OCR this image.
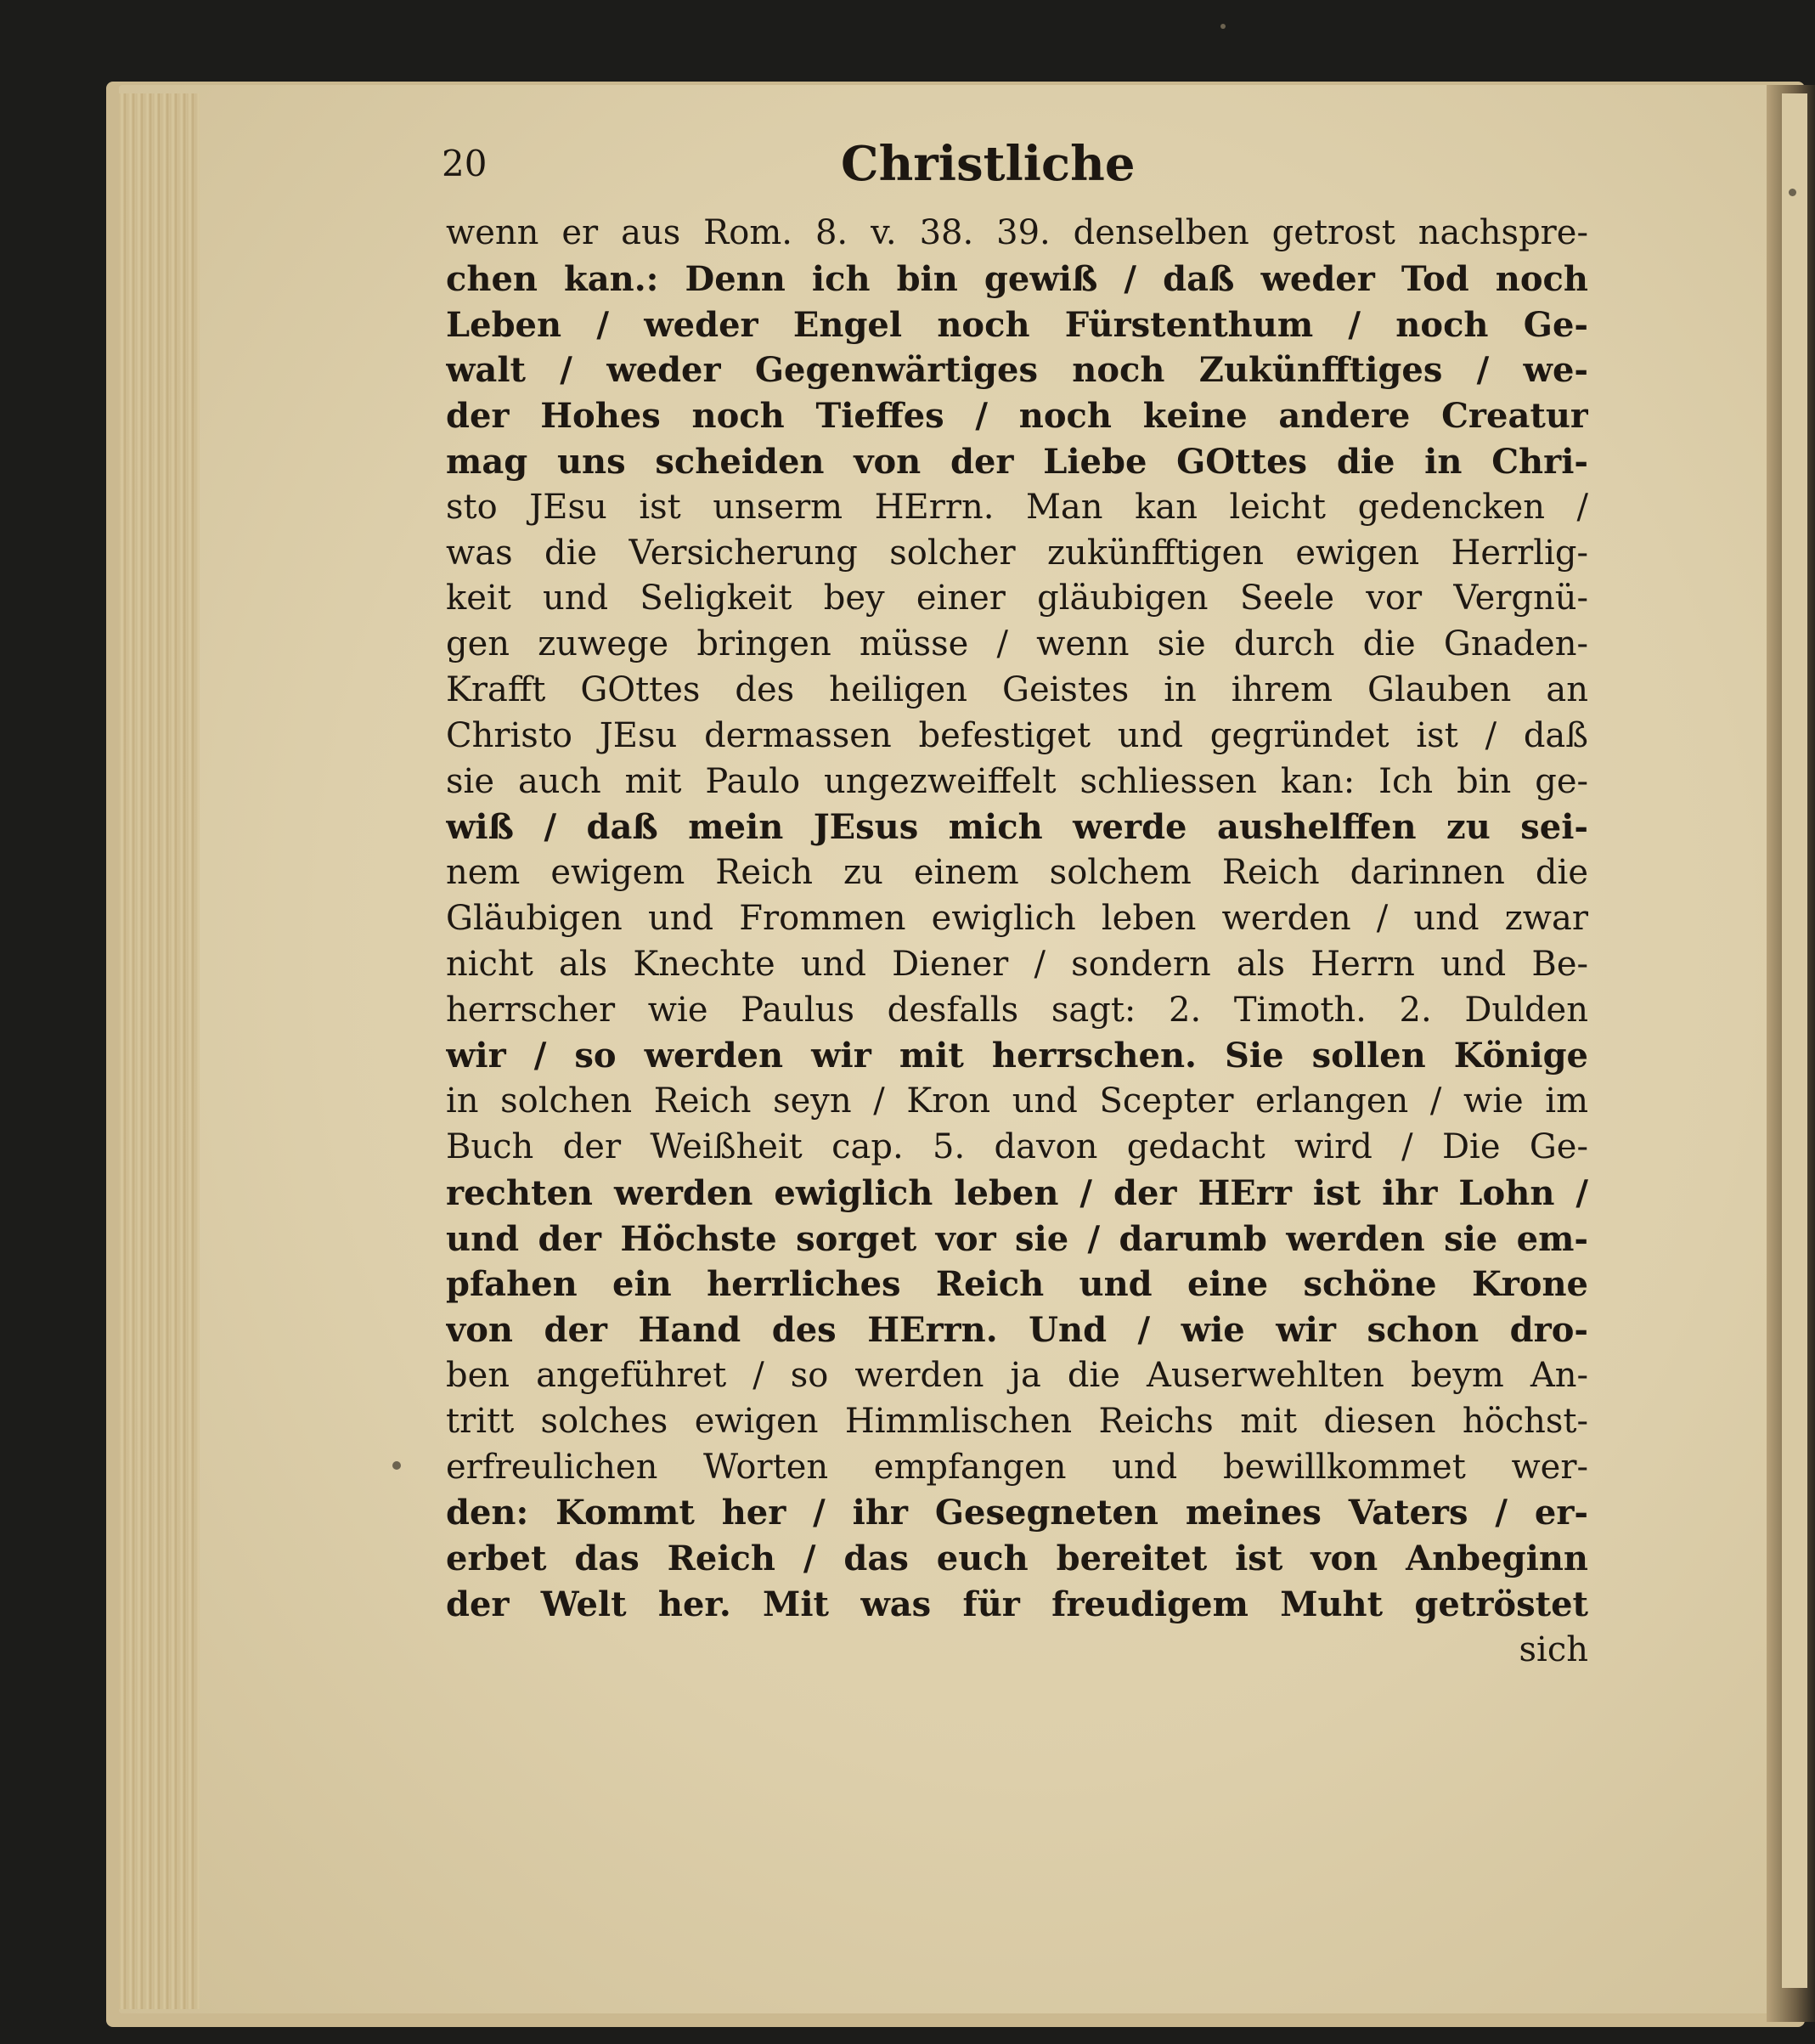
20	Christliche
wenn er aus Rom. 8. v. 38. 39. denselben getrost nachspre-
chen kan.: Denn ich bin gewiß / daß weder Tod noch
Leben / weder Engel noch Fürstenthum / noch Ge-
walt / weder Gegenwärtiges noch Zukünfftiges / we-
der Hohes noch Tieffes / noch keine andere Creatur
mag uns scheiden von der Liebe GOttes die in Chri-
sto JEsu ist unserm HErrn. Man kan leicht gedencken /
was die Versicherung solcher zukünfftigen ewigen Herrlig-
keit und Seligkeit bey einer gläubigen Seele vor Vergnü-
gen zuwege bringen müsse / wenn sie durch die Gnaden-
Krafft GOttes des heiligen Geistes in ihrem Glauben an
Christo JEsu dermassen befestiget und gegründet ist / daß
sie auch mit Paulo ungezweiffelt schliessen kan: Ich bin ge-
wiß / daß mein JEsus mich werde aushelffen zu sei-
nem ewigem Reich zu einem solchem Reich darinnen die
Gläubigen und Frommen ewiglich leben werden / und zwar
nicht als Knechte und Diener / sondern als Herrn und Be-
herrscher wie Paulus desfalls sagt: 2. Timoth. 2. Dulden
wir / so werden wir mit herrschen. Sie sollen Könige
in solchen Reich seyn / Kron und Scepter erlangen / wie im
Buch der Weißheit cap. 5. davon gedacht wird / Die Ge-
rechten werden ewiglich leben / der HErr ist ihr Lohn /
und der Höchste sorget vor sie / darumb werden sie em-
pfahen ein herrliches Reich und eine schöne Krone
von der Hand des HErrn. Und / wie wir schon dro-
ben angeführet / so werden ja die Auserwehlten beym An-
tritt solches ewigen Himmlischen Reichs mit diesen höchst-
erfreulichen Worten empfangen und bewillkommet wer-
den: Kommt her / ihr Gesegneten meines Vaters / er-
erbet das Reich / das euch bereitet ist von Anbeginn
der Welt her. Mit was für freudigem Muht getröstet
sich
